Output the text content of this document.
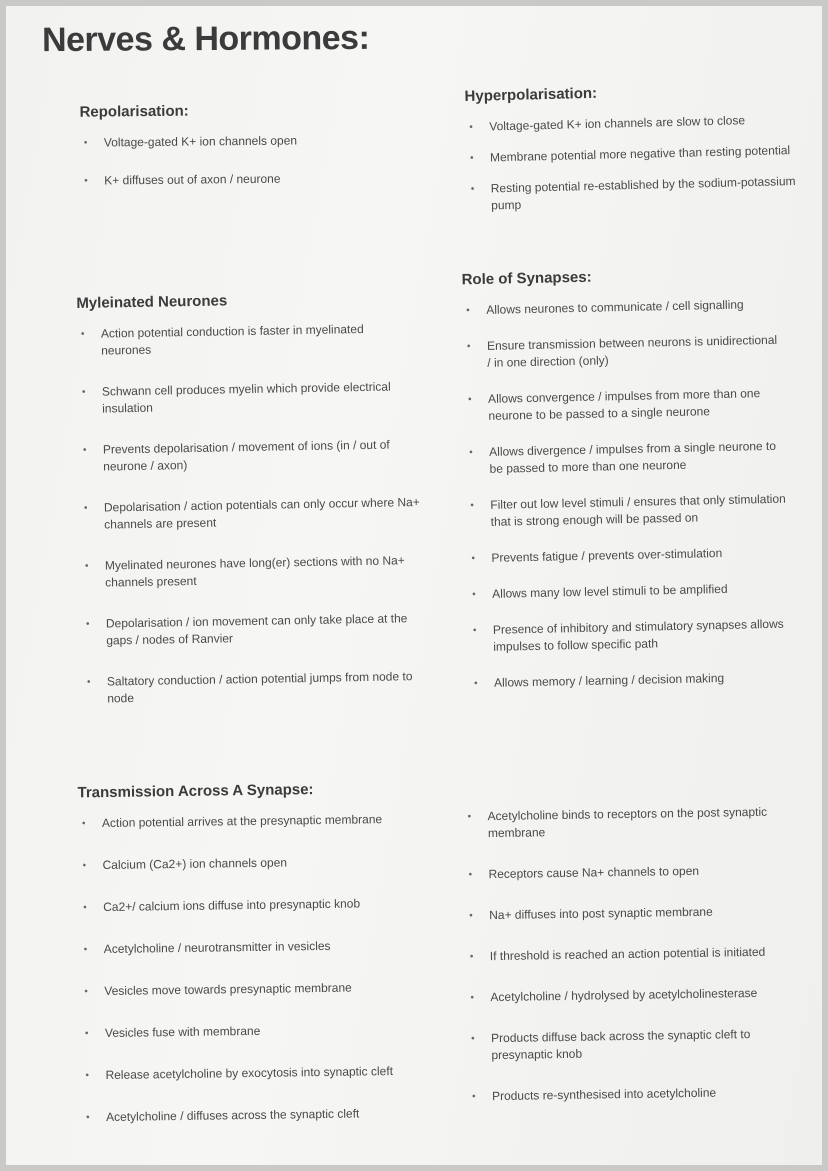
Nerves & Hormones:
Repolarisation:
• Voltage-gated K+ ion channels open
• K+ diffuses out of axon / neurone
Hyperpolarisation:
• Voltage-gated K+ ion channels are slow to close
• Membrane potential more negative than resting potential
• Resting potential re-established by the sodium-potassium pump
Myleinated Neurones
• Action potential conduction is faster in myelinated neurones
• Schwann cell produces myelin which provide electrical insulation
• Prevents depolarisation / movement of ions (in / out of neurone / axon)
• Depolarisation / action potentials can only occur where Na+ channels are present
• Myelinated neurones have long(er) sections with no Na+ channels present
• Depolarisation / ion movement can only take place at the gaps / nodes of Ranvier
• Saltatory conduction / action potential jumps from node to node
Role of Synapses:
• Allows neurones to communicate / cell signalling
• Ensure transmission between neurons is unidirectional / in one direction (only)
• Allows convergence / impulses from more than one neurone to be passed to a single neurone
• Allows divergence / impulses from a single neurone to be passed to more than one neurone
• Filter out low level stimuli / ensures that only stimulation that is strong enough will be passed on
• Prevents fatigue / prevents over-stimulation
• Allows many low level stimuli to be amplified
• Presence of inhibitory and stimulatory synapses allows impulses to follow specific path
• Allows memory / learning / decision making
Transmission Across A Synapse:
• Action potential arrives at the presynaptic membrane
• Calcium (Ca2+) ion channels open
• Ca2+/ calcium ions diffuse into presynaptic knob
• Acetylcholine / neurotransmitter in vesicles
• Vesicles move towards presynaptic membrane
• Vesicles fuse with membrane
• Release acetylcholine by exocytosis into synaptic cleft
• Acetylcholine / diffuses across the synaptic cleft
• Acetylcholine binds to receptors on the post synaptic membrane
• Receptors cause Na+ channels to open
• Na+ diffuses into post synaptic membrane
• If threshold is reached an action potential is initiated
• Acetylcholine / hydrolysed by acetylcholinesterase
• Products diffuse back across the synaptic cleft to presynaptic knob
• Products re-synthesised into acetylcholine
